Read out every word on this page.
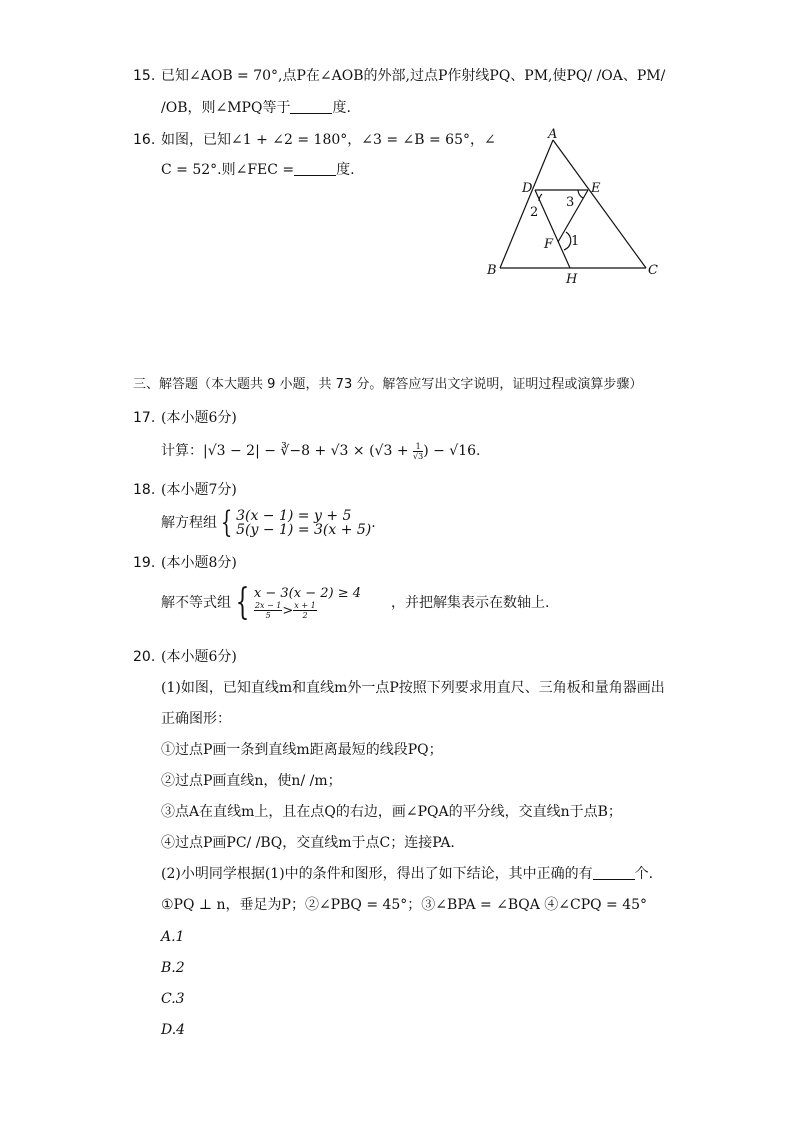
15. 已知∠AOB = 70°,点P在∠AOB的外部,过点P作射线PQ、PM,使PQ/ /OA、PM/
/OB，则∠MPQ等于	度.
16. 如图，已知∠1 + ∠2 = 180°，∠3 = ∠B = 65°，∠
C = 52°.则∠FEC =	度.
A
D	E
3
2
F 1
B
H
C
三、解答题（本大题共 9 小题，共 73 分。解答应写出文字说明，证明过程或演算步骤）
17. (本小题6分)
计算：|√3 − 2| − ∛−8 + $√3 \times (√3 + \frac{1}{√3}$ ) − √16.
18. (本小题7分)
解方程组 { 3(x − 1) = y + 5
5(y − 1) = 3(x + 5) .
19. (本小题8分)
解不等式组 { x − 3(x − 2) ≥ 4
$\frac{2x - 1}{5} > \frac{x + 1}{2}$	，并把解集表示在数轴上.
20. (本小题6分)
(1)如图，已知直线m和直线m外一点P按照下列要求用直尺、三角板和量角器画出
正确图形：
①过点P画一条到直线m距离最短的线段PQ；
②过点P画直线n，使n/ /m；
③点A在直线m上，且在点Q的右边，画∠PQA的平分线，交直线n于点B；
④过点P画PC/ /BQ，交直线m于点C；连接PA.
(2)小明同学根据(1)中的条件和图形，得出了如下结论，其中正确的有	个.
①PQ ⊥ n，垂足为P；②∠PBQ = 45°；③∠BPA = ∠BQA ④∠CPQ = 45°
A.1
B.2
C.3
D.4
